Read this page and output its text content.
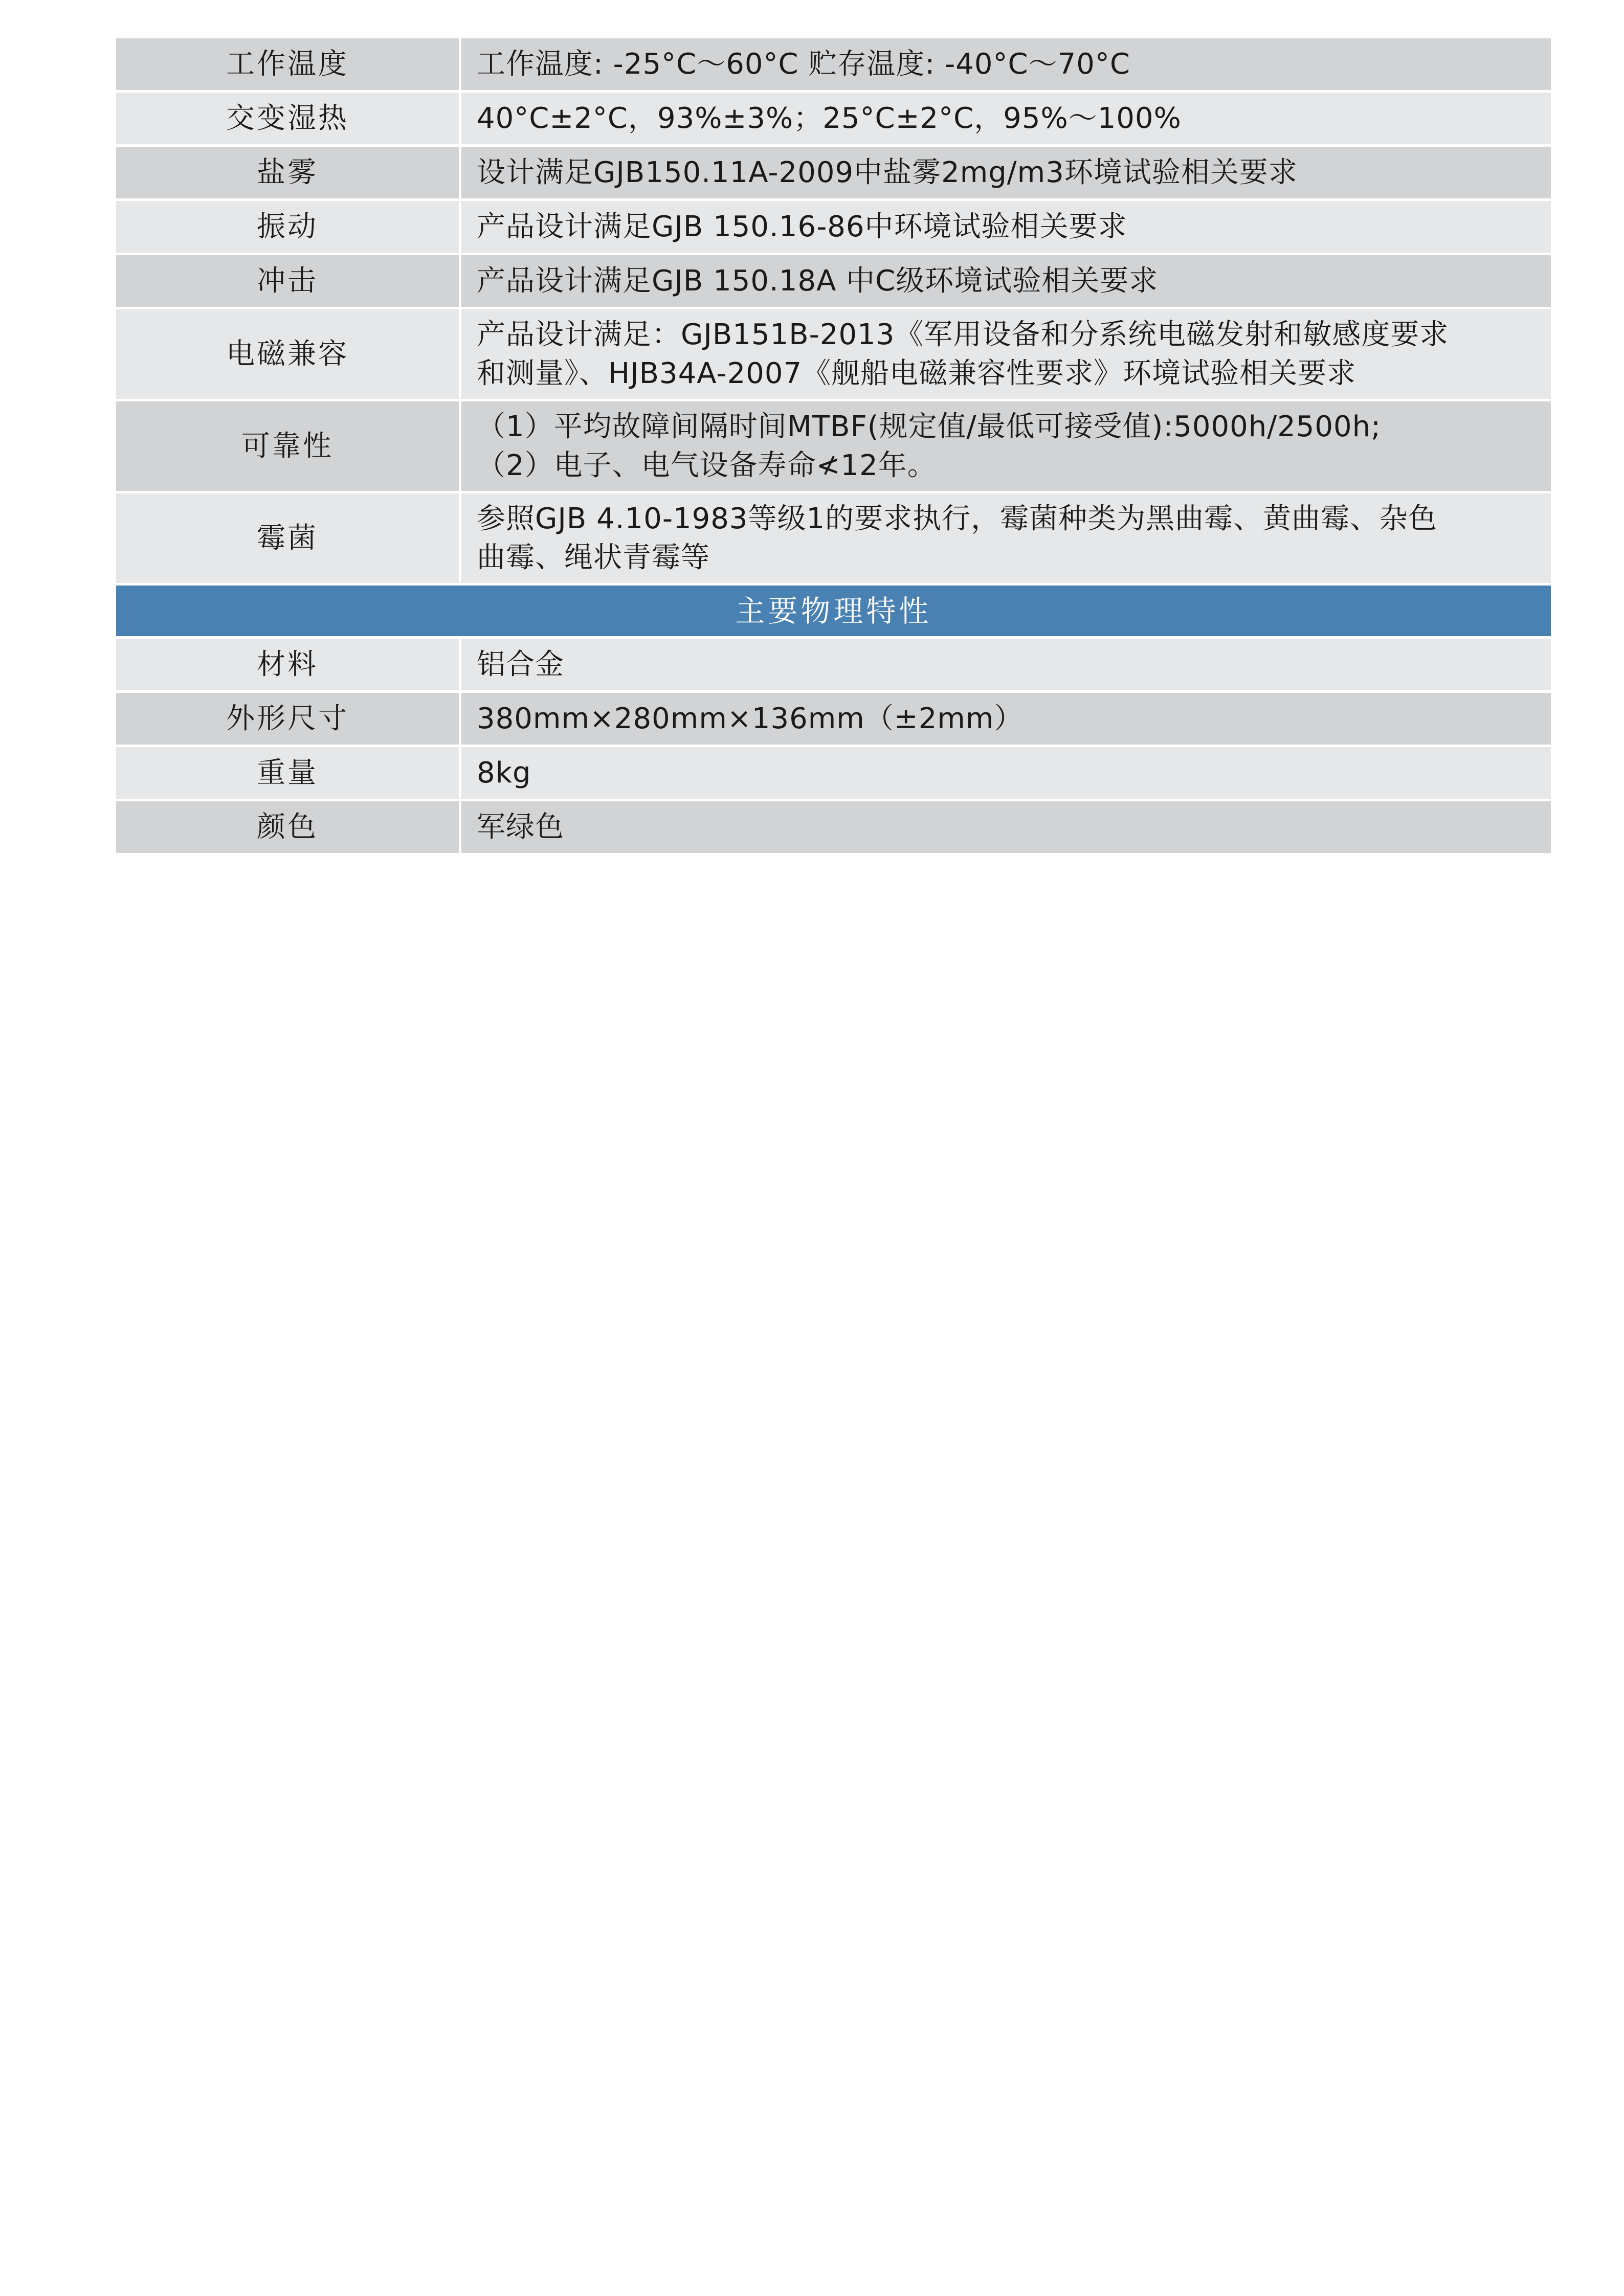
工作温度	工作温度: -25°C～60°C 贮存温度: -40°C～70°C

交变湿热	40°C±2°C，93%±3%；25°C±2°C，95%～100%

盐雾	设计满足GJB150.11A-2009中盐雾2mg/m3环境试验相关要求

振动	产品设计满足GJB 150.16-86中环境试验相关要求

冲击	产品设计满足GJB 150.18A 中C级环境试验相关要求

电磁兼容	产品设计满足：GJB151B-2013《军用设备和分系统电磁发射和敏感度要求
和测量》、HJB34A-2007《舰船电磁兼容性要求》环境试验相关要求

可靠性	（1）平均故障间隔时间MTBF(规定值/最低可接受值):5000h/2500h;
（2）电子、电气设备寿命≮12年。

霉菌	参照GJB 4.10-1983等级1的要求执行，霉菌种类为黑曲霉、黄曲霉、杂色
曲霉、绳状青霉等

主要物理特性	
材料	铝合金
外形尺寸	380mm×280mm×136mm（±2mm）
重量	8kg
颜色	军绿色
